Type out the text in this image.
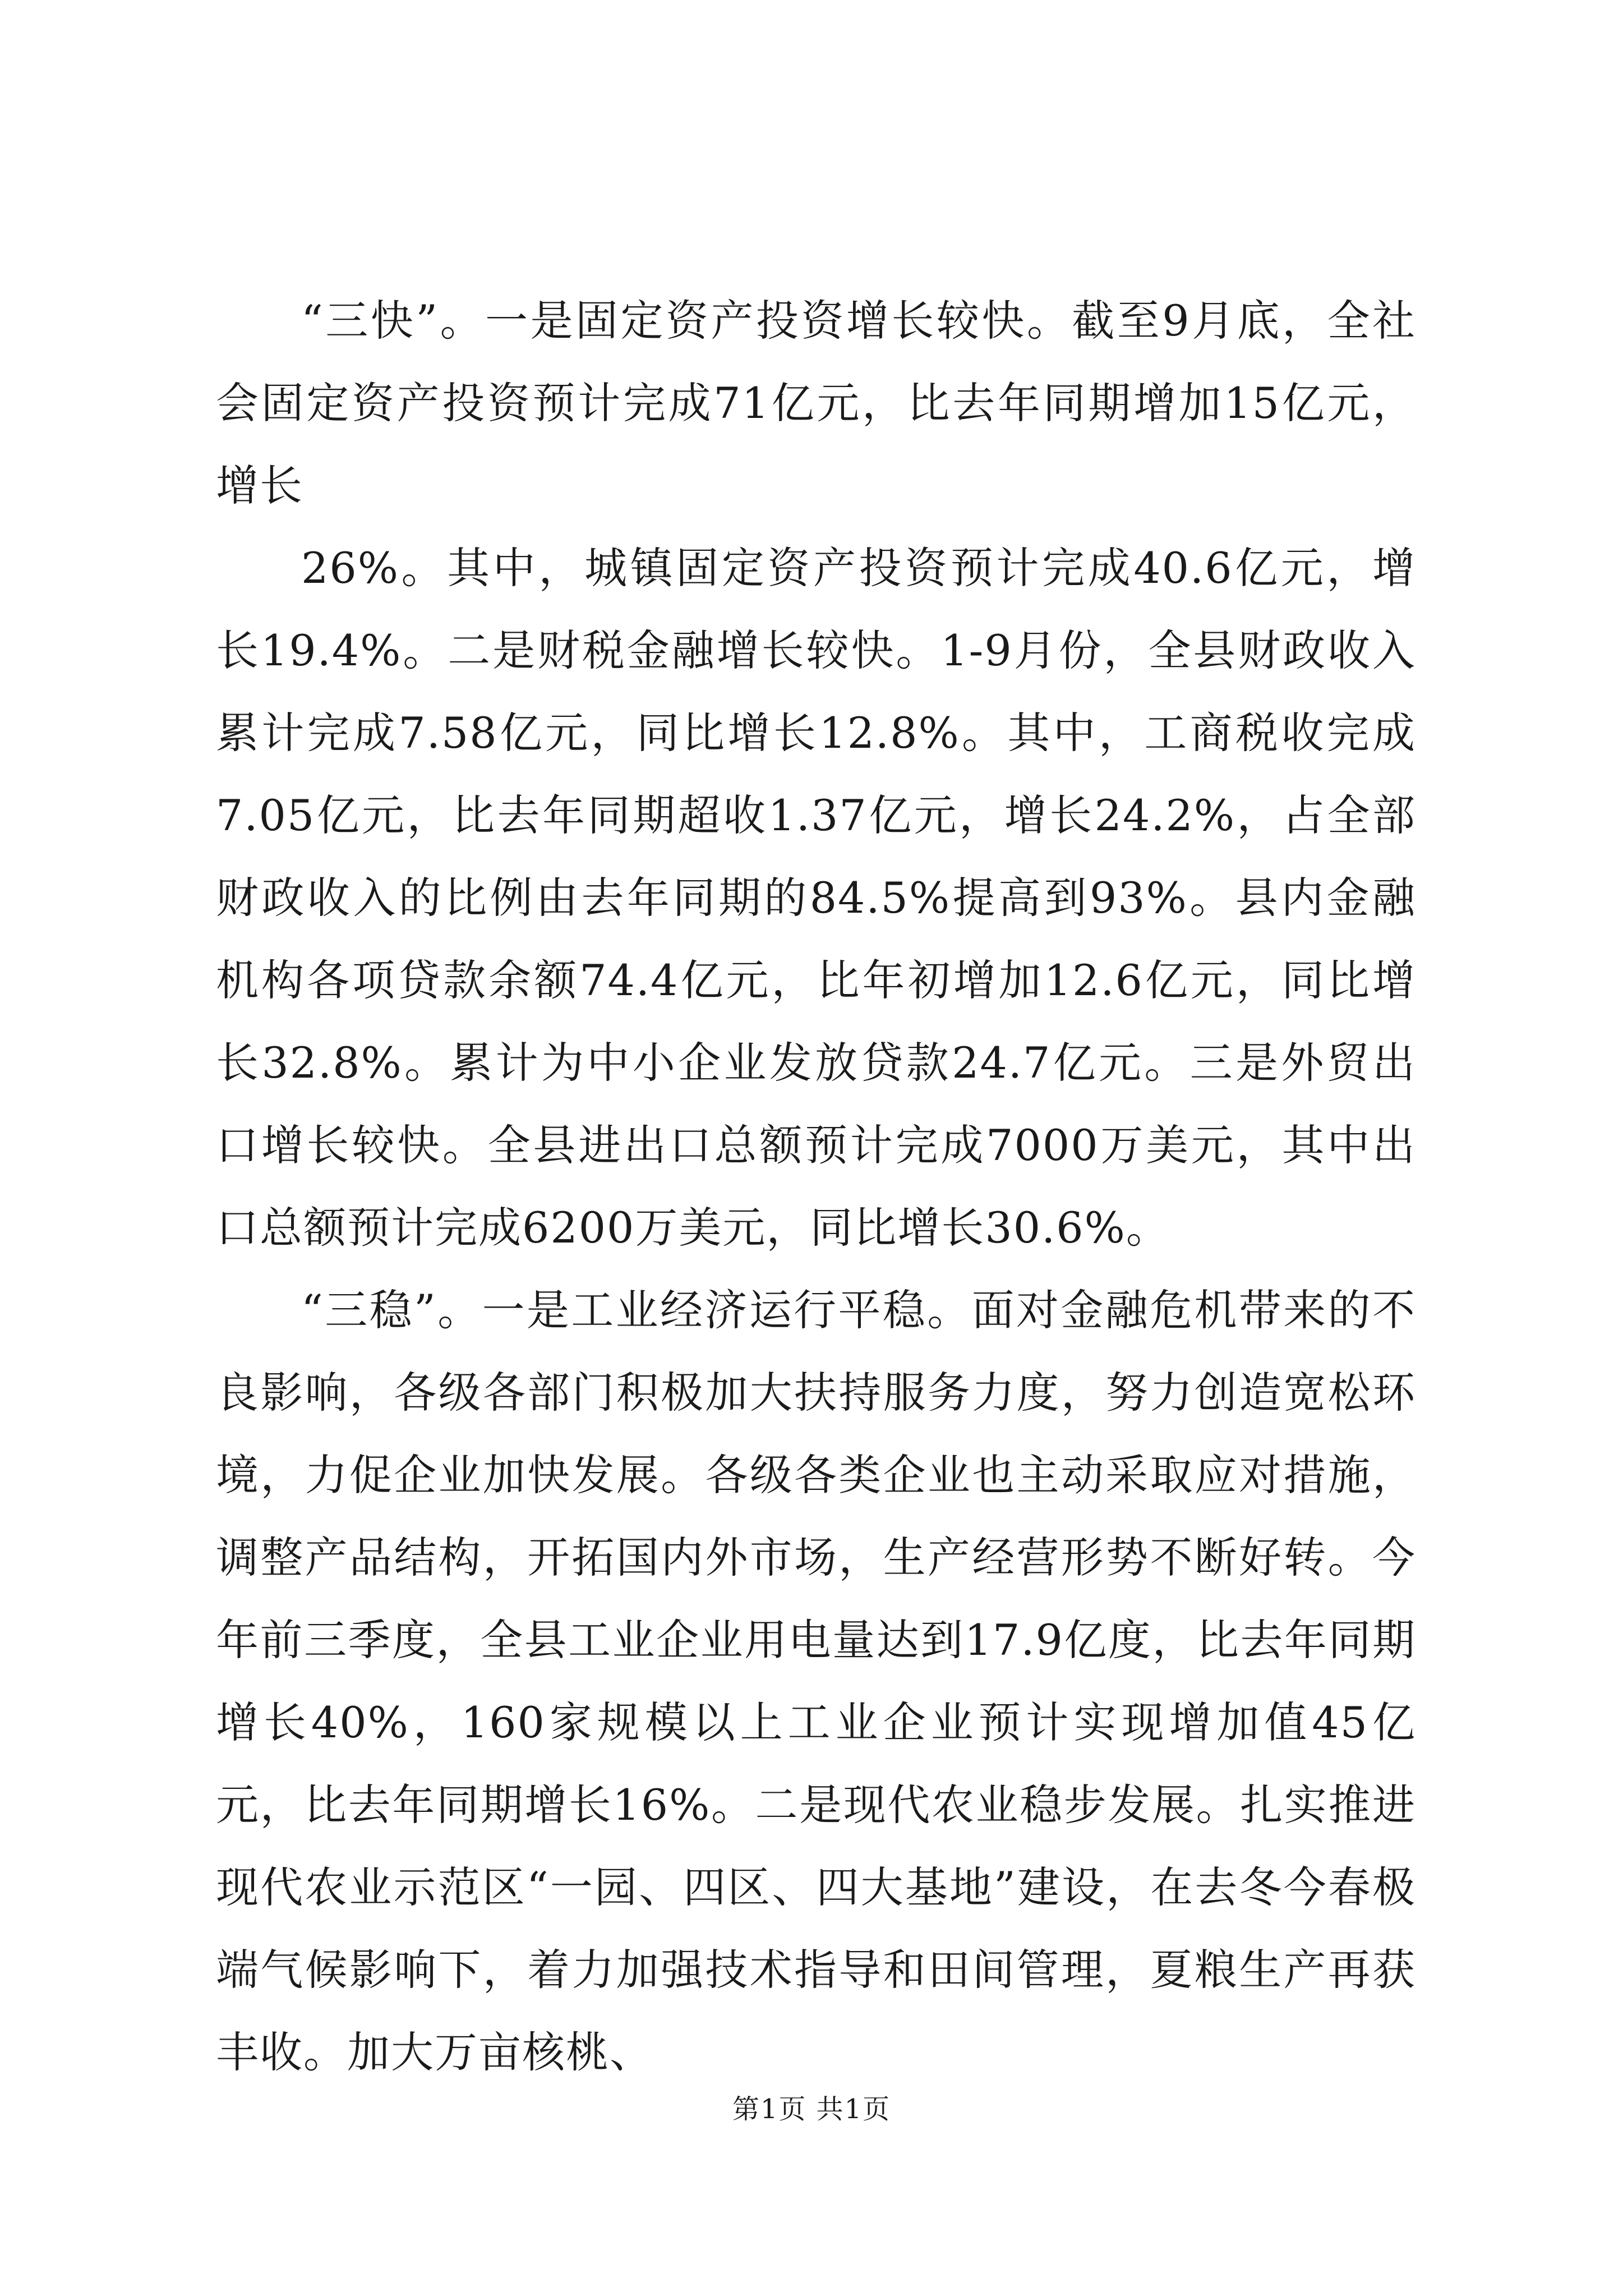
“三快”。一是固定资产投资增长较快。截至9月底，全社会固定资产投资预计完成71亿元，比去年同期增加15亿元，增长

26%。其中，城镇固定资产投资预计完成40.6亿元，增长19.4%。二是财税金融增长较快。1-9月份，全县财政收入累计完成7.58亿元，同比增长12.8%。其中，工商税收完成7.05亿元，比去年同期超收1.37亿元，增长24.2%，占全部财政收入的比例由去年同期的84.5%提高到93%。县内金融机构各项贷款余额74.4亿元，比年初增加12.6亿元，同比增长32.8%。累计为中小企业发放贷款24.7亿元。三是外贸出口增长较快。全县进出口总额预计完成7000万美元，其中出口总额预计完成6200万美元，同比增长30.6%。

“三稳”。一是工业经济运行平稳。面对金融危机带来的不良影响，各级各部门积极加大扶持服务力度，努力创造宽松环境，力促企业加快发展。各级各类企业也主动采取应对措施，调整产品结构，开拓国内外市场，生产经营形势不断好转。今年前三季度，全县工业企业用电量达到17.9亿度，比去年同期增长40%，160家规模以上工业企业预计实现增加值45亿元，比去年同期增长16%。二是现代农业稳步发展。扎实推进现代农业示范区“一园、四区、四大基地”建设，在去冬今春极端气候影响下，着力加强技术指导和田间管理，夏粮生产再获丰收。加大万亩核桃、

第1页 共1页
